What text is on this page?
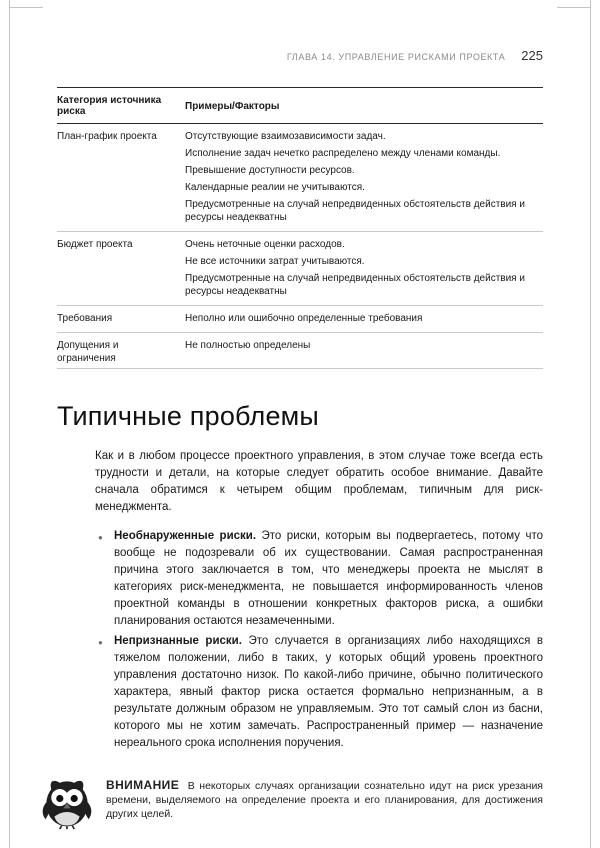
ГЛАВА 14. УПРАВЛЕНИЕ РИСКАМИ ПРОЕКТА 225
Категория источника риска	Примеры/Факторы
План-график проекта	Отсутствующие взаимозависимости задач.

Исполнение задач нечетко распределено между членами команды.

Превышение доступности ресурсов.

Календарные реалии не учитываются.

Предусмотренные на случай непредвиденных обстоятельств действия и ресурсы неадекватны

Бюджет проекта	Очень неточные оценки расходов.

Не все источники затрат учитываются.

Предусмотренные на случай непредвиденных обстоятельств действия и ресурсы неадекватны

Требования	Неполно или ошибочно определенные требования

Допущения и ограничения	Не полностью определены

Типичные проблемы

Как и в любом процессе проектного управления, в этом случае тоже всегда есть трудности и детали, на которые следует обратить особое внимание. Давайте сначала обратимся к четырем общим проблемам, типичным для риск-менеджмента.

● Необнаруженные риски. Это риски, которым вы подвергаетесь, потому что вообще не подозревали об их существовании. Самая распространенная причина этого заключается в том, что менеджеры проекта не мыслят в категориях риск-менеджмента, не повышается информированность членов проектной команды в отношении конкретных факторов риска, а ошибки планирования остаются незамеченными.
● Непризнанные риски. Это случается в организациях либо находящихся в тяжелом положении, либо в таких, у которых общий уровень проектного управления достаточно низок. По какой-либо причине, обычно политического характера, явный фактор риска остается формально непризнанным, а в результате должным образом не управляемым. Это тот самый слон из басни, которого мы не хотим замечать. Распространенный пример — назначение нереального срока исполнения поручения.

ВНИМАНИЕ В некоторых случаях организации сознательно идут на риск урезания времени, выделяемого на определение проекта и его планирования, для достижения других целей.
